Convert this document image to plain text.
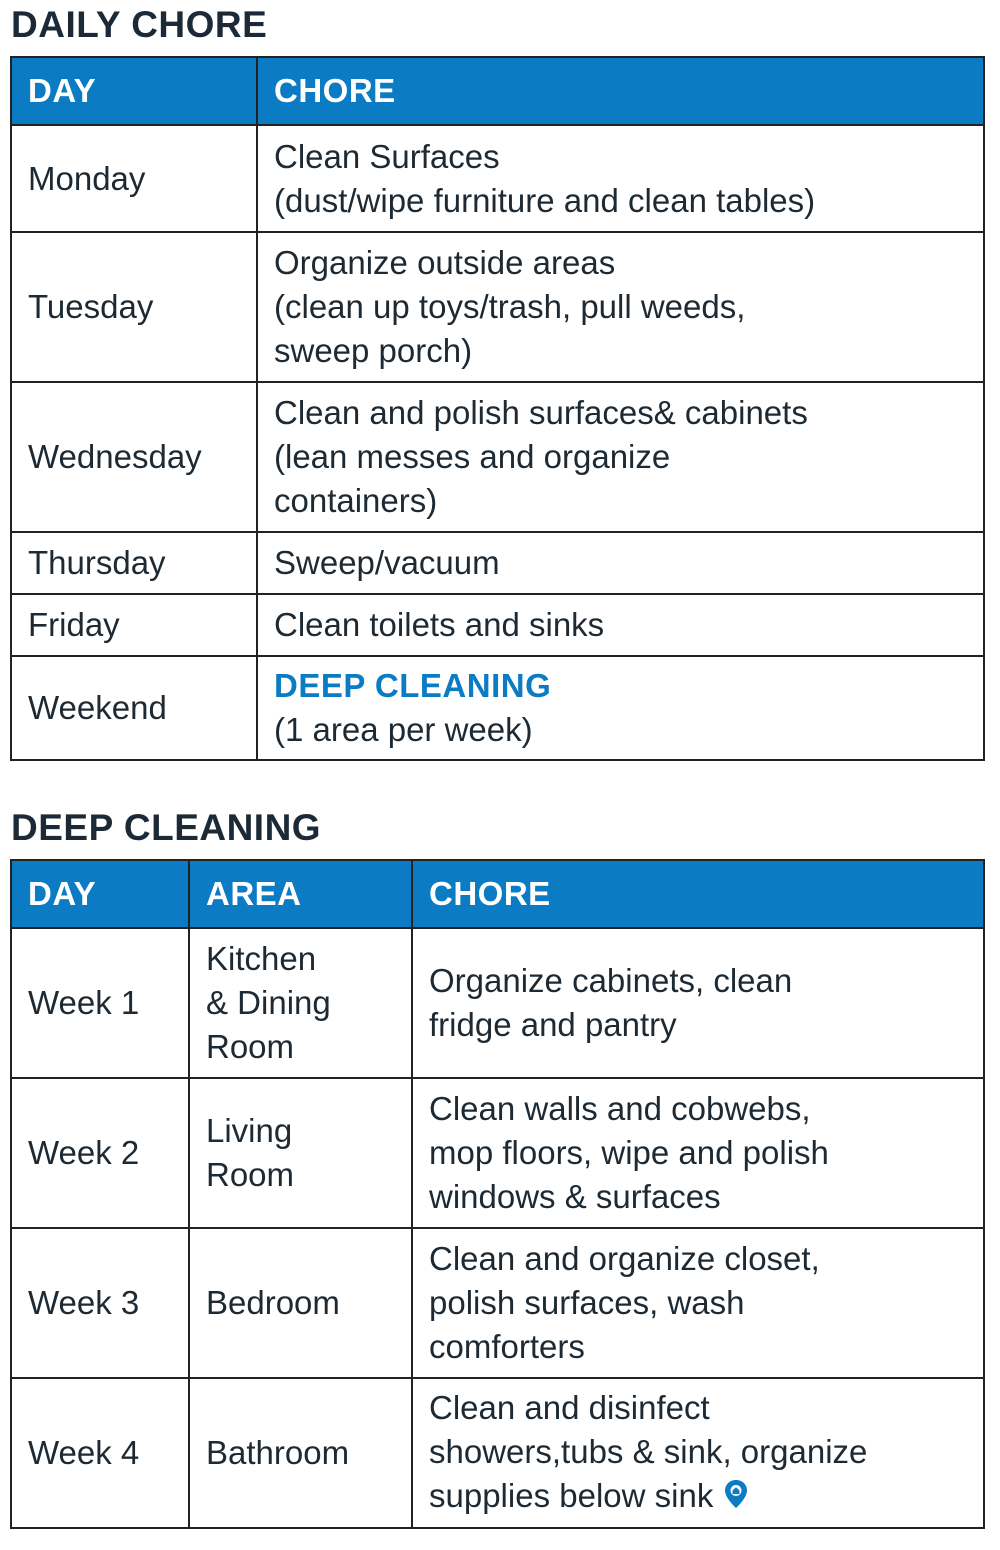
DAILY CHORE
DAY	CHORE
Monday	Clean Surfaces
(dust/wipe furniture and clean tables)

Tuesday	Organize outside areas
(clean up toys/trash, pull weeds,
sweep porch)

Wednesday	Clean and polish surfaces& cabinets
(lean messes and organize
containers)

Thursday	Sweep/vacuum

Friday	Clean toilets and sinks

Weekend	DEEP CLEANING
(1 area per week)
DEEP CLEANING
DAY	AREA	CHORE
Week 1	Kitchen
& Dining
Room	Organize cabinets, clean
fridge and pantry

Week 2	Living
Room	Clean walls and cobwebs,
mop floors, wipe and polish
windows & surfaces

Week 3	Bedroom	Clean and organize closet,
polish surfaces, wash
comforters

Week 4	Bathroom	Clean and disinfect
showers,tubs & sink, organize
supplies below sink
